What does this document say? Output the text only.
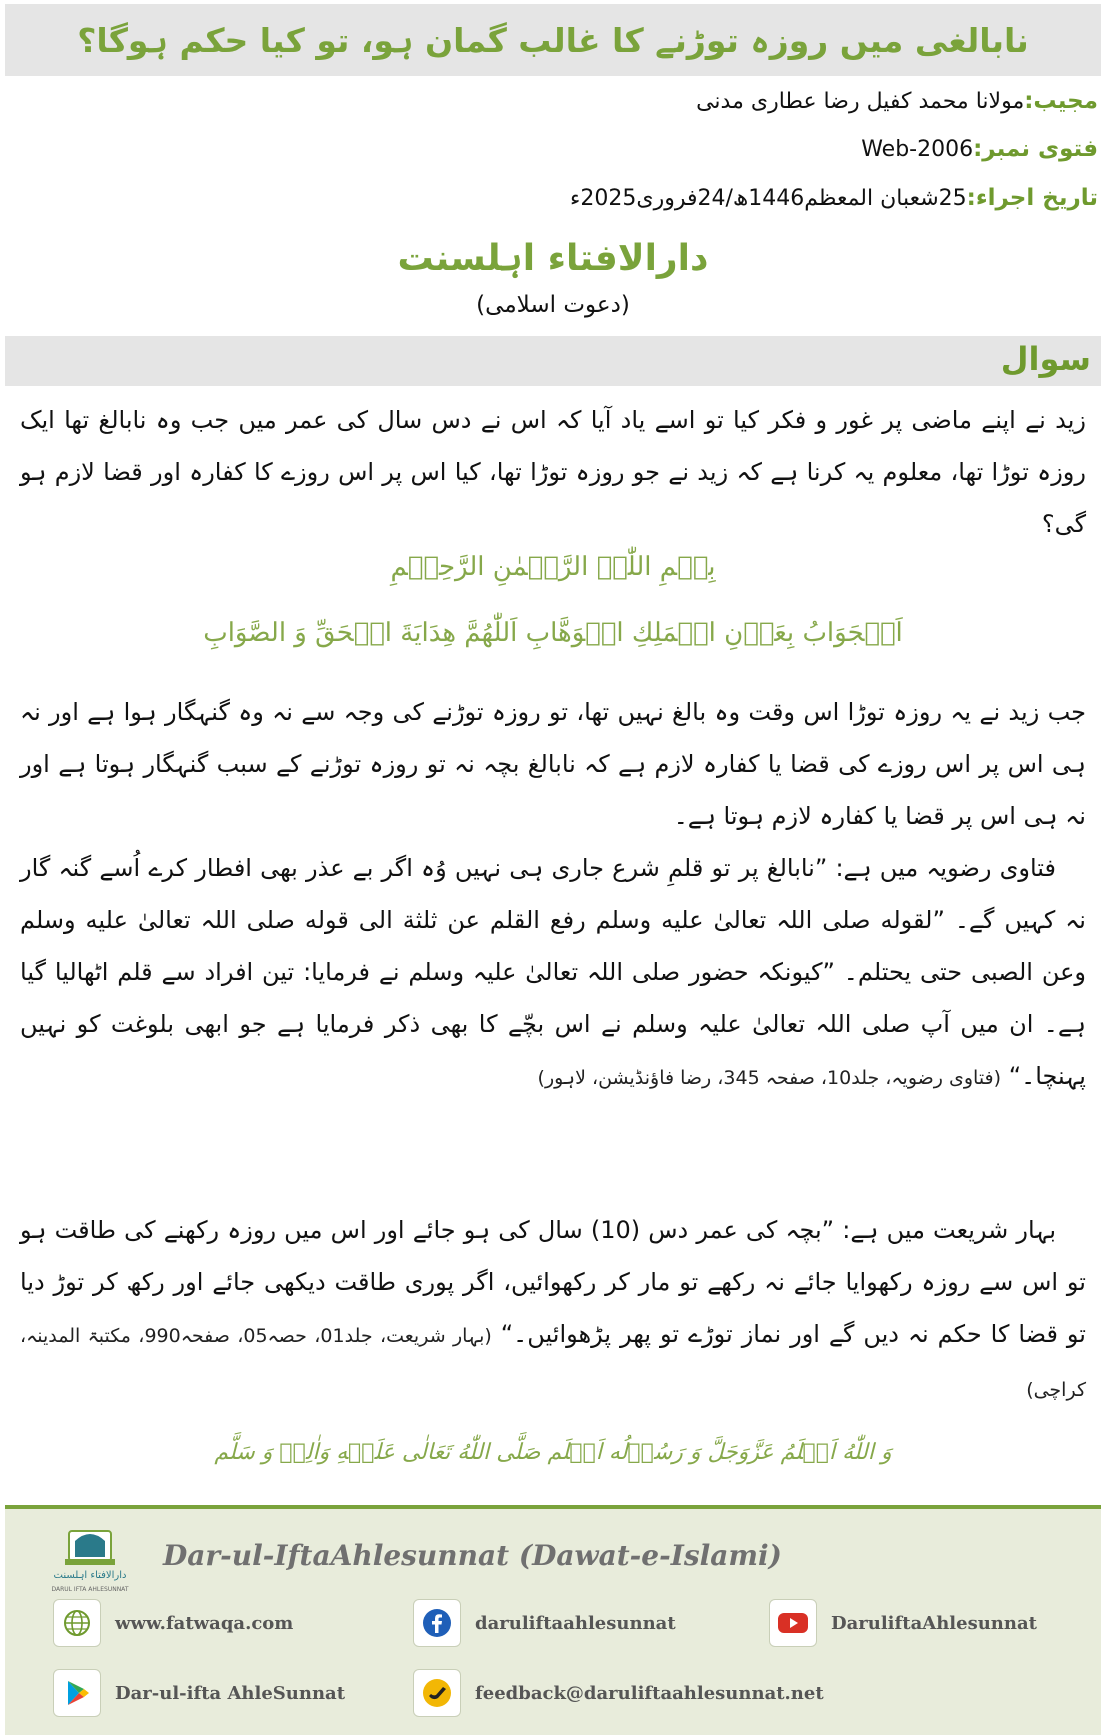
نابالغی میں روزہ توڑنے کا غالب گمان ہو، تو کیا حکم ہوگا؟
مجیب:مولانا محمد کفیل رضا عطاری مدنی
فتوی نمبر:Web-2006
تاریخ اجراء:25شعبان المعظم1446ھ/24فروری2025ء
دارالافتاء اہلسنت
(دعوت اسلامی)
سوال
زید نے اپنے ماضی پر غور و فکر کیا تو اسے یاد آیا کہ اس نے دس سال کی عمر میں جب وہ نابالغ تھا ایک روزہ توڑا تھا، معلوم یہ کرنا ہے کہ زید نے جو روزہ توڑا تھا، کیا اس پر اس روزے کا کفارہ اور قضا لازم ہو گی؟
بِسۡمِ اللّٰہِ الرَّحۡمٰنِ الرَّحِیۡمِ
اَلۡجَوَابُ بِعَوۡنِ الۡمَلِكِ الۡوَهَّابِ اَللّٰهُمَّ هِدَايَةَ الۡحَقِّ وَ الصَّوَابِ
جب زید نے یہ روزہ توڑا اس وقت وہ بالغ نہیں تھا، تو روزہ توڑنے کی وجہ سے نہ وہ گنہگار ہوا ہے اور نہ ہی اس پر اس روزے کی قضا یا کفارہ لازم ہے کہ نابالغ بچہ نہ تو روزہ توڑنے کے سبب گنہگار ہوتا ہے اور نہ ہی اس پر قضا یا کفارہ لازم ہوتا ہے۔
فتاوی رضویہ میں ہے: ”نابالغ پر تو قلمِ شرع جاری ہی نہیں وُہ اگر بے عذر بھی افطار کرے اُسے گنہ گار نہ کہیں گے۔ ”لقوله صلی اللہ تعالیٰ علیه وسلم رفع القلم عن ثلثة الی قوله صلی اللہ تعالیٰ علیه وسلم وعن الصبی حتی یحتلم۔ ”کیونکہ حضور صلی اللہ تعالیٰ علیہ وسلم نے فرمایا: تین افراد سے قلم اٹھالیا گیا ہے۔ ان میں آپ صلی اللہ تعالیٰ علیہ وسلم نے اس بچّے کا بھی ذکر فرمایا ہے جو ابھی بلوغت کو نہیں پہنچا۔“ (فتاوی رضویہ، جلد10، صفحہ 345، رضا فاؤنڈیشن، لاہور)
بہار شریعت میں ہے: ”بچہ کی عمر دس (10) سال کی ہو جائے اور اس میں روزہ رکھنے کی طاقت ہو تو اس سے روزہ رکھوایا جائے نہ رکھے تو مار کر رکھوائیں، اگر پوری طاقت دیکھی جائے اور رکھ کر توڑ دیا تو قضا کا حکم نہ دیں گے اور نماز توڑے تو پھر پڑھوائیں۔“ (بہار شریعت، جلد01، حصہ05، صفحہ990، مکتبۃ المدینہ، کراچی)
وَ اللّٰهُ اَعۡلَمُ عَزَّوَجَلَّ وَ رَسُوۡلُه اَعۡلَم صَلَّی اللّٰهُ تَعَالٰی عَلَيۡهِ وَاٰلِهٖ وَ سَلَّم
دارالافتاء اہلسنت
DARUL IFTA AHLESUNNAT
Dar-ul-IftaAhlesunnat (Dawat-e-Islami)
www.fatwaqa.com	daruliftaahlesunnat	DaruliftaAhlesunnat
Dar-ul-ifta AhleSunnat	feedback@daruliftaahlesunnat.net
